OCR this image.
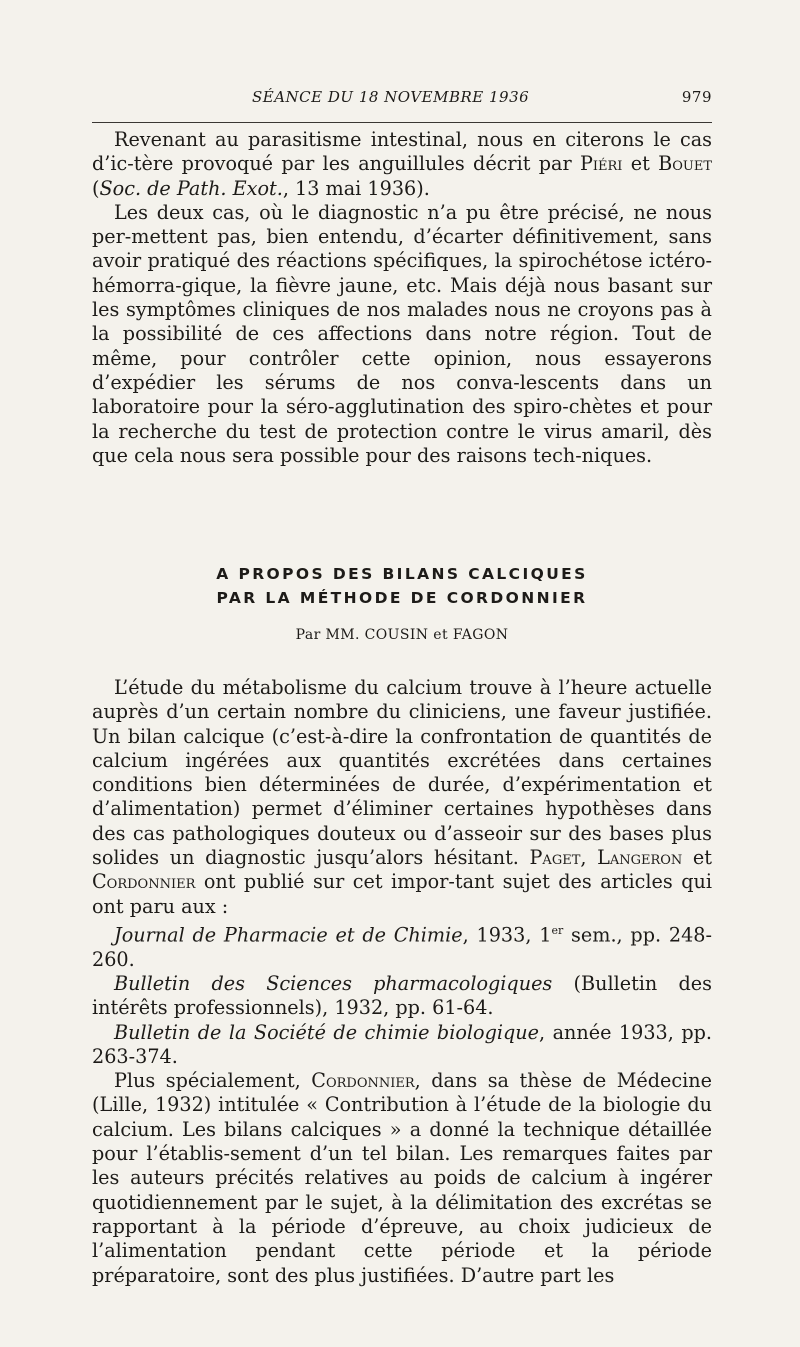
SÉANCE DU 18 NOVEMBRE 1936	979

Revenant au parasitisme intestinal, nous en citerons le cas d’ic-tère provoqué par les anguillules décrit par Piéri et Bouet (Soc. de Path. Exot., 13 mai 1936).

Les deux cas, où le diagnostic n’a pu être précisé, ne nous per-mettent pas, bien entendu, d’écarter définitivement, sans avoir pratiqué des réactions spécifiques, la spirochétose ictéro-hémorra-gique, la fièvre jaune, etc. Mais déjà nous basant sur les symptômes cliniques de nos malades nous ne croyons pas à la possibilité de ces affections dans notre région. Tout de même, pour contrôler cette opinion, nous essayerons d’expédier les sérums de nos conva-lescents dans un laboratoire pour la séro-agglutination des spiro-chètes et pour la recherche du test de protection contre le virus amaril, dès que cela nous sera possible pour des raisons tech-niques.

A PROPOS DES BILANS CALCIQUES
PAR LA MÉTHODE DE CORDONNIER
Par MM. COUSIN et FAGON

L’étude du métabolisme du calcium trouve à l’heure actuelle auprès d’un certain nombre du cliniciens, une faveur justifiée. Un bilan calcique (c’est-à-dire la confrontation de quantités de calcium ingérées aux quantités excrétées dans certaines conditions bien déterminées de durée, d’expérimentation et d’alimentation) permet d’éliminer certaines hypothèses dans des cas pathologiques douteux ou d’asseoir sur des bases plus solides un diagnostic jusqu’alors hésitant. Paget, Langeron et Cordonnier ont publié sur cet impor-tant sujet des articles qui ont paru aux :

Journal de Pharmacie et de Chimie, 1933, 1er sem., pp. 248-260.

Bulletin des Sciences pharmacologiques (Bulletin des intérêts professionnels), 1932, pp. 61-64.

Bulletin de la Société de chimie biologique, année 1933, pp. 263-374.

Plus spécialement, Cordonnier, dans sa thèse de Médecine (Lille, 1932) intitulée « Contribution à l’étude de la biologie du calcium. Les bilans calciques » a donné la technique détaillée pour l’établis-sement d’un tel bilan. Les remarques faites par les auteurs précités relatives au poids de calcium à ingérer quotidiennement par le sujet, à la délimitation des excrétas se rapportant à la période d’épreuve, au choix judicieux de l’alimentation pendant cette période et la période préparatoire, sont des plus justifiées. D’autre part les
